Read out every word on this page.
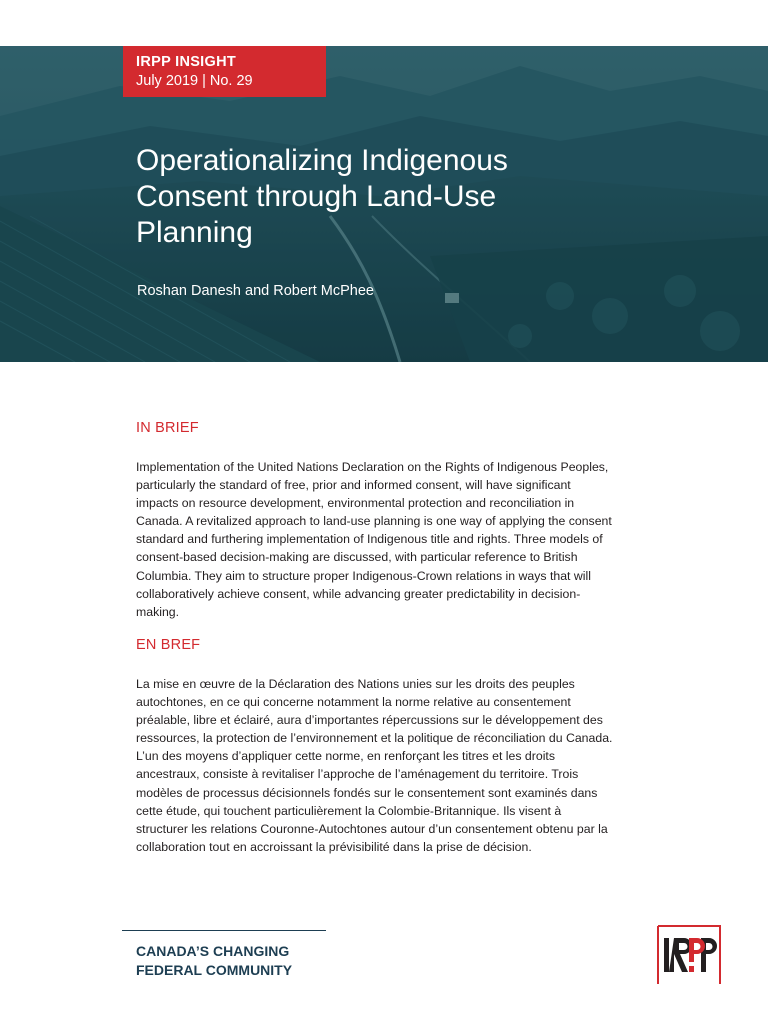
IRPP INSIGHT
July 2019 | No. 29
Operationalizing Indigenous Consent through Land-Use Planning
Roshan Danesh and Robert McPhee
IN BRIEF

Implementation of the United Nations Declaration on the Rights of Indigenous Peoples, particularly the standard of free, prior and informed consent, will have significant impacts on resource development, environmental protection and reconciliation in Canada. A revitalized approach to land-use planning is one way of applying the consent standard and furthering implementation of Indigenous title and rights. Three models of consent-based decision-making are discussed, with particular reference to British Columbia. They aim to structure proper Indigenous-Crown relations in ways that will collaboratively achieve consent, while advancing greater predictability in decision-making.

EN BREF

La mise en œuvre de la Déclaration des Nations unies sur les droits des peuples autochtones, en ce qui concerne notamment la norme relative au consentement préalable, libre et éclairé, aura d’importantes répercussions sur le développement des ressources, la protection de l’environnement et la politique de réconciliation du Canada. L’un des moyens d’appliquer cette norme, en renforçant les titres et les droits ancestraux, consiste à revitaliser l’approche de l’aménagement du territoire. Trois modèles de processus décisionnels fondés sur le consentement sont examinés dans cette étude, qui touchent particulièrement la Colombie-Britannique. Ils visent à structurer les relations Couronne-Autochtones autour d’un consentement obtenu par la collaboration tout en accroissant la prévisibilité dans la prise de décision.

CANADA’S CHANGING
FEDERAL COMMUNITY
